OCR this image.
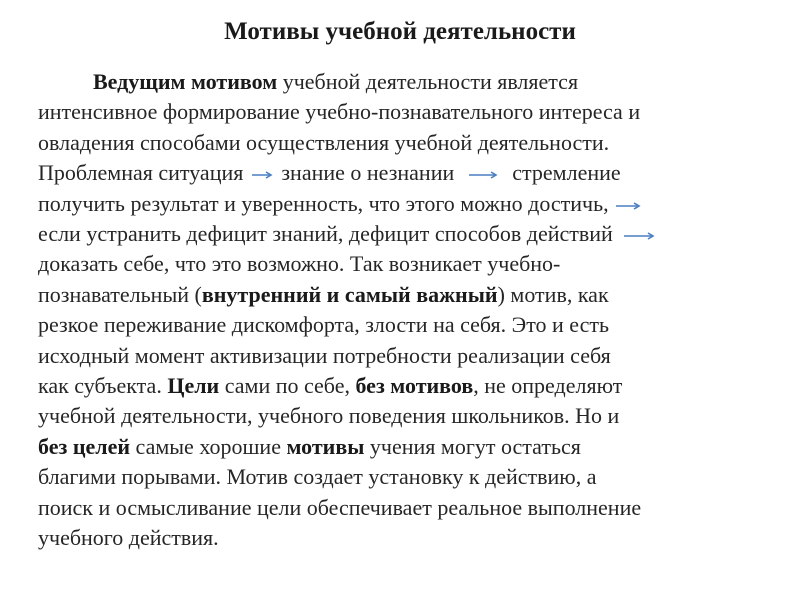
Мотивы учебной деятельности
Ведущим мотивом учебной деятельности является
интенсивное формирование учебно-познавательного интереса и
овладения способами осуществления учебной деятельности.
Проблемная ситуация знание о незнании	стремление
получить результат и уверенность, что этого можно достичь,
если устранить дефицит знаний, дефицит способов действий
доказать себе, что это возможно. Так возникает учебно-
познавательный (внутренний и самый важный) мотив, как
резкое переживание дискомфорта, злости на себя. Это и есть
исходный момент активизации потребности реализации себя
как субъекта. Цели сами по себе, без мотивов, не определяют
учебной деятельности, учебного поведения школьников. Но и
без целей самые хорошие мотивы учения могут остаться
благими порывами. Мотив создает установку к действию, а
поиск и осмысливание цели обеспечивает реальное выполнение
учебного действия.
